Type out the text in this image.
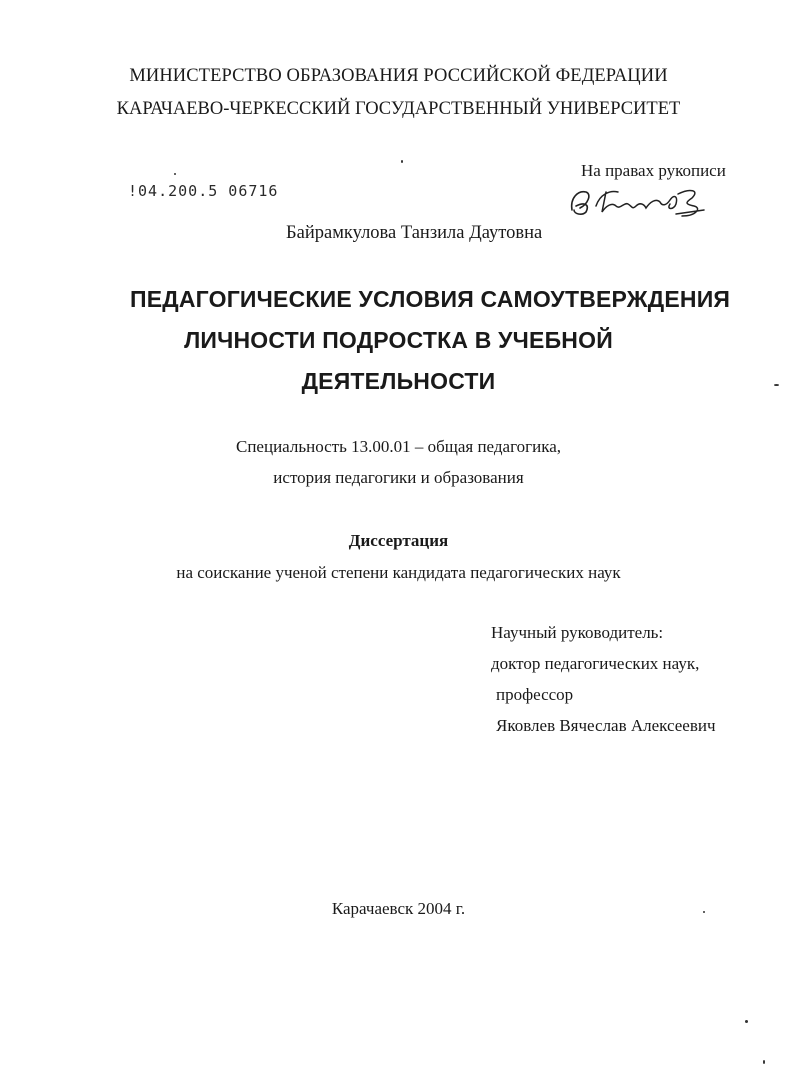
МИНИСТЕРСТВО ОБРАЗОВАНИЯ РОССИЙСКОЙ ФЕДЕРАЦИИ
КАРАЧАЕВО-ЧЕРКЕССКИЙ ГОСУДАРСТВЕННЫЙ УНИВЕРСИТЕТ
!04.200.5 06716
На правах рукописи
Байрамкулова Танзила Даутовна
ПЕДАГОГИЧЕСКИЕ УСЛОВИЯ САМОУТВЕРЖДЕНИЯ
ЛИЧНОСТИ ПОДРОСТКА В УЧЕБНОЙ
ДЕЯТЕЛЬНОСТИ
Специальность 13.00.01 – общая педагогика,
история педагогики и образования
Диссертация
на соискание ученой степени кандидата педагогических наук
Научный руководитель:
доктор педагогических наук,
профессор
Яковлев Вячеслав Алексеевич
Карачаевск 2004 г.
